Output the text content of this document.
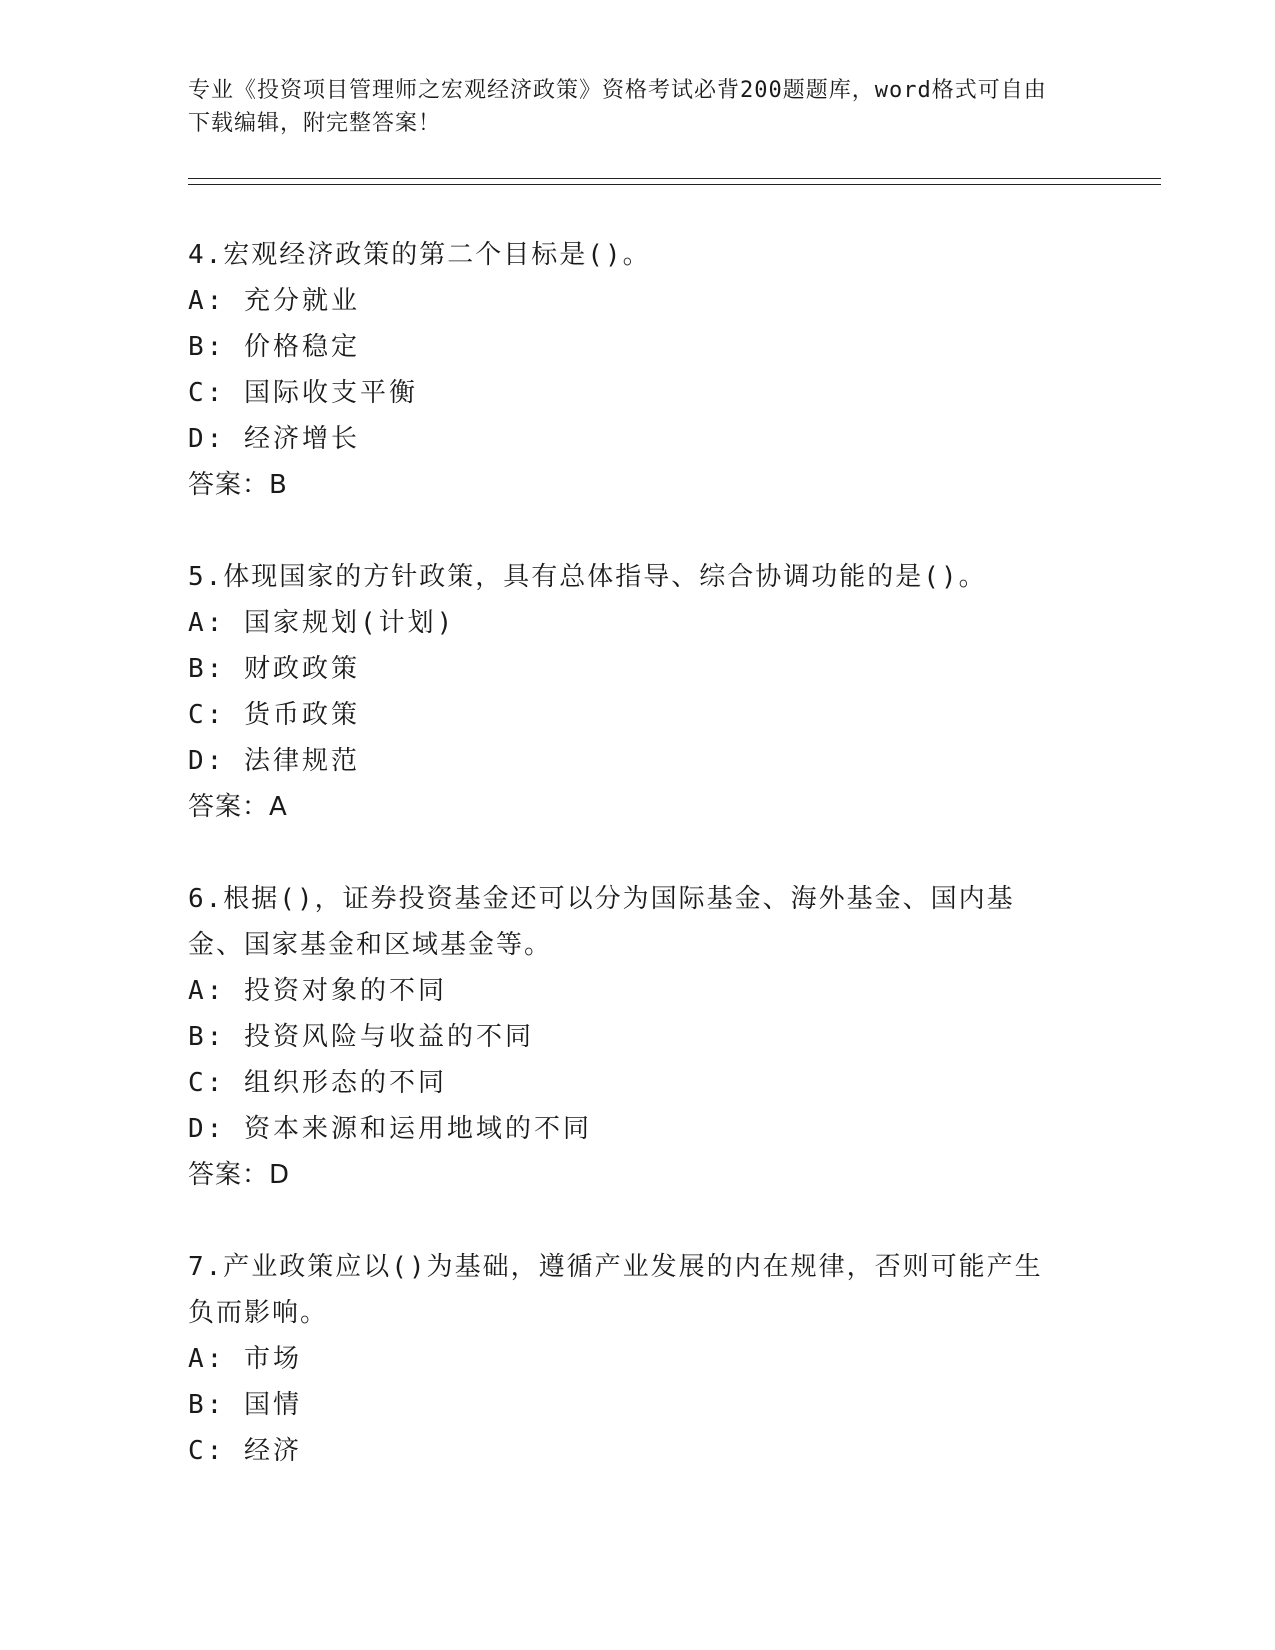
专业《投资项目管理师之宏观经济政策》资格考试必背200题题库，word格式可自由下载编辑，附完整答案！
4.宏观经济政策的第二个目标是()。
A: 充分就业
B: 价格稳定
C: 国际收支平衡
D: 经济增长
答案：B
5.体现国家的方针政策，具有总体指导、综合协调功能的是()。
A: 国家规划(计划)
B: 财政政策
C: 货币政策
D: 法律规范
答案：A
6.根据()，证券投资基金还可以分为国际基金、海外基金、国内基金、国家基金和区域基金等。
A: 投资对象的不同
B: 投资风险与收益的不同
C: 组织形态的不同
D: 资本来源和运用地域的不同
答案：D
7.产业政策应以()为基础，遵循产业发展的内在规律，否则可能产生负而影响。
A: 市场
B: 国情
C: 经济
